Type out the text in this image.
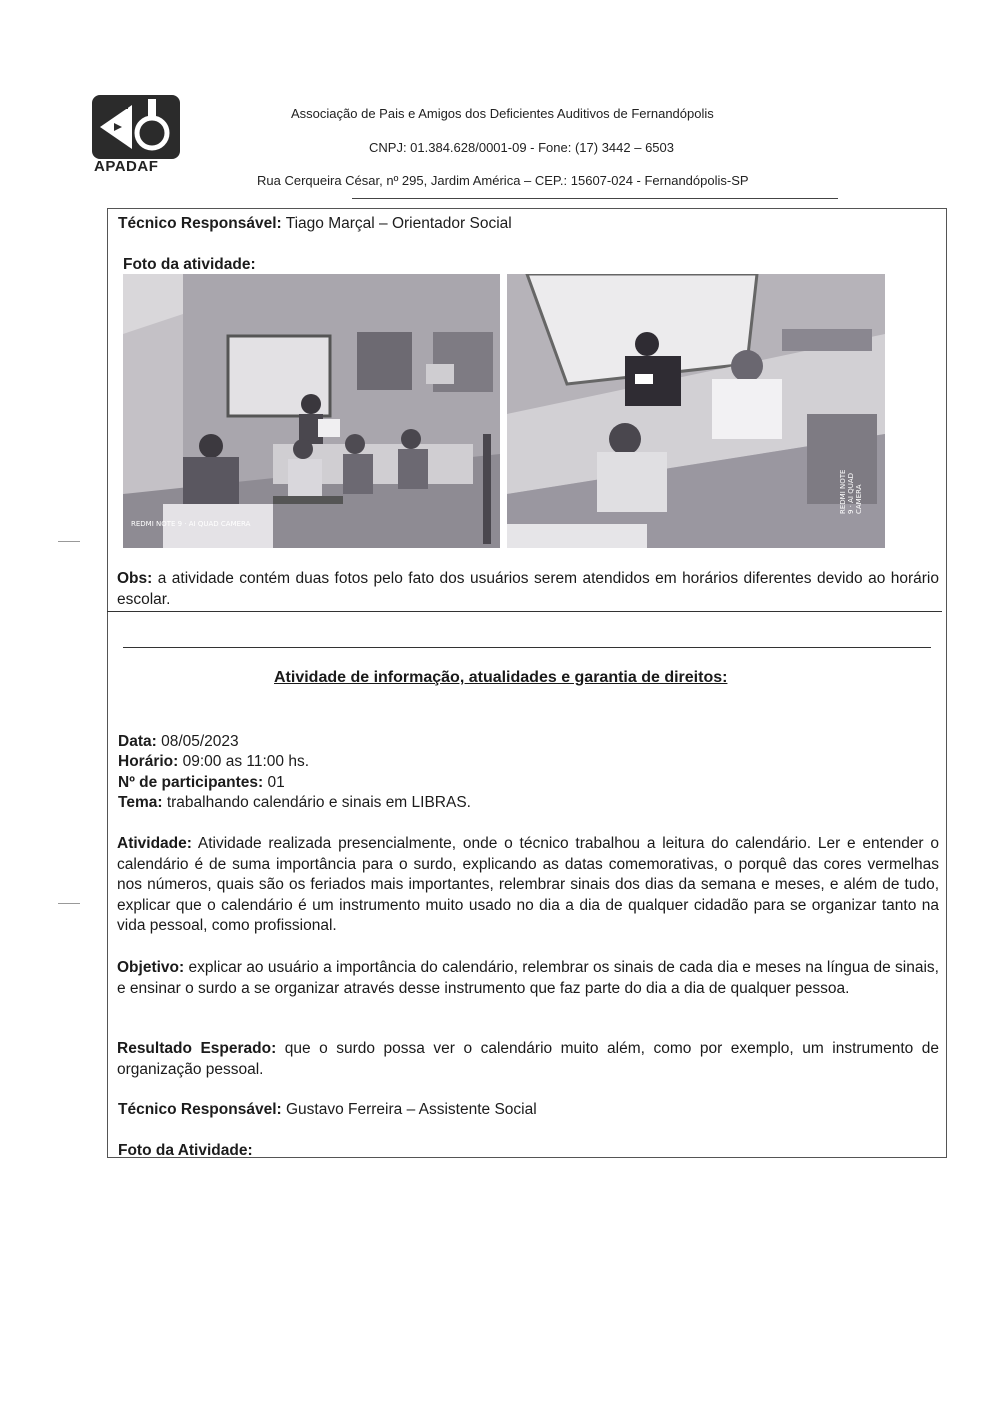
APADAF
Associação de Pais e Amigos dos Deficientes Auditivos de Fernandópolis
CNPJ: 01.384.628/0001-09 - Fone: (17) 3442 – 6503
Rua Cerqueira César, nº 295, Jardim América – CEP.: 15607-024 - Fernandópolis-SP
Técnico Responsável: Tiago Marçal – Orientador Social
Foto da atividade:
REDMI NOTE 9 · AI QUAD CAMERA
REDMI NOTE 9 · AI QUAD CAMERA
Obs: a atividade contém duas fotos pelo fato dos usuários serem atendidos em horários diferentes devido ao horário escolar.
Atividade de informação, atualidades e garantia de direitos:
Data: 08/05/2023
Horário: 09:00 as 11:00 hs.
Nº de participantes: 01
Tema: trabalhando calendário e sinais em LIBRAS.
Atividade: Atividade realizada presencialmente, onde o técnico trabalhou a leitura do calendário. Ler e entender o calendário é de suma importância para o surdo, explicando as datas comemorativas, o porquê das cores vermelhas nos números, quais são os feriados mais importantes, relembrar sinais dos dias da semana e meses, e além de tudo, explicar que o calendário é um instrumento muito usado no dia a dia de qualquer cidadão para se organizar tanto na vida pessoal, como profissional.
Objetivo: explicar ao usuário a importância do calendário, relembrar os sinais de cada dia e meses na língua de sinais, e ensinar o surdo a se organizar através desse instrumento que faz parte do dia a dia de qualquer pessoa.
Resultado Esperado: que o surdo possa ver o calendário muito além, como por exemplo, um instrumento de organização pessoal.
Técnico Responsável: Gustavo Ferreira – Assistente Social
Foto da Atividade:
